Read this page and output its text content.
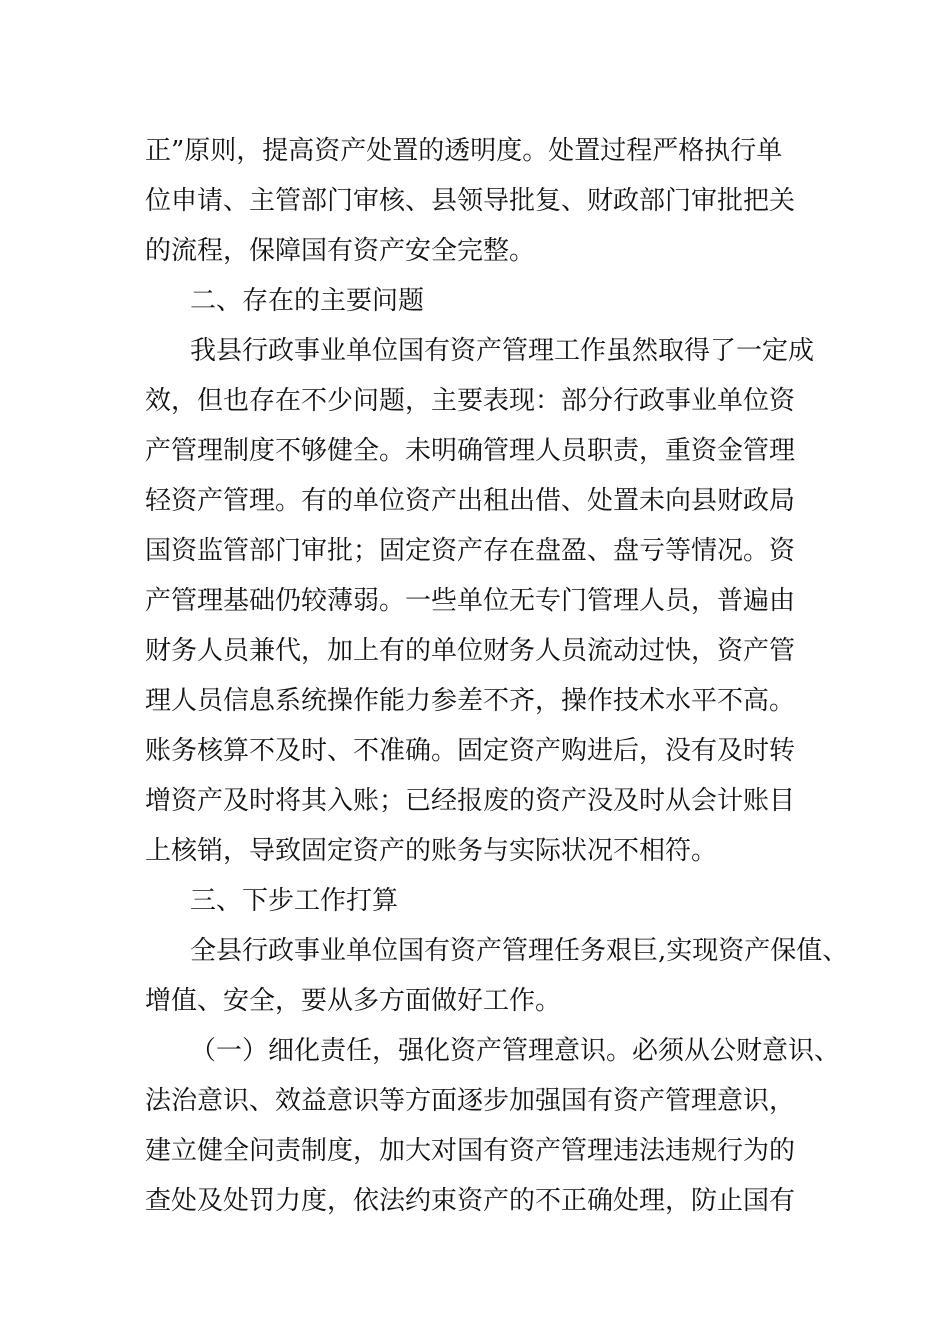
正”原则，提高资产处置的透明度。处置过程严格执行单
位申请、主管部门审核、县领导批复、财政部门审批把关
的流程，保障国有资产安全完整。

二、存在的主要问题

我县行政事业单位国有资产管理工作虽然取得了一定成
效，但也存在不少问题，主要表现：部分行政事业单位资
产管理制度不够健全。未明确管理人员职责，重资金管理
轻资产管理。有的单位资产出租出借、处置未向县财政局
国资监管部门审批；固定资产存在盘盈、盘亏等情况。资
产管理基础仍较薄弱。一些单位无专门管理人员，普遍由
财务人员兼代，加上有的单位财务人员流动过快，资产管
理人员信息系统操作能力参差不齐，操作技术水平不高。
账务核算不及时、不准确。固定资产购进后，没有及时转
增资产及时将其入账；已经报废的资产没及时从会计账目
上核销，导致固定资产的账务与实际状况不相符。

三、下步工作打算

全县行政事业单位国有资产管理任务艰巨,实现资产保值、
增值、安全，要从多方面做好工作。

（一）细化责任，强化资产管理意识。必须从公财意识、
法治意识、效益意识等方面逐步加强国有资产管理意识，
建立健全问责制度，加大对国有资产管理违法违规行为的
查处及处罚力度，依法约束资产的不正确处理，防止国有
